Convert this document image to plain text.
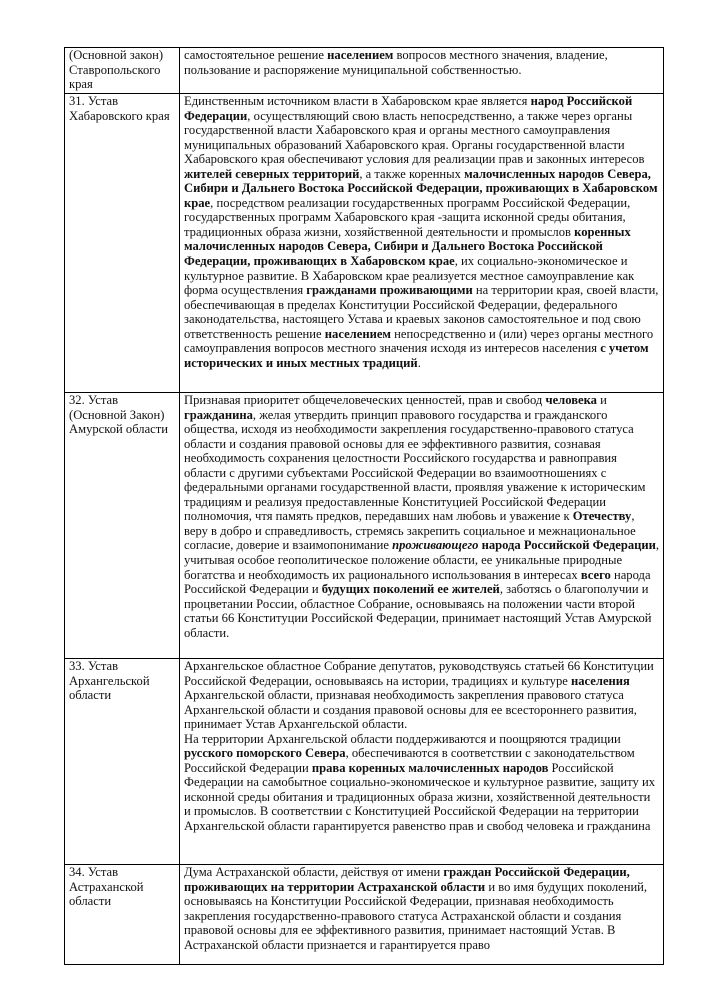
(Основной закон) Ставропольского края	самостоятельное решение населением вопросов местного значения, владение, пользование и распоряжение муниципальной собственностью.
31. Устав Хабаровского края	Единственным источником власти в Хабаровском крае является народ Российской Федерации, осуществляющий свою власть непосредственно, а также через органы государственной власти Хабаровского края и органы местного самоуправления муниципальных образований Хабаровского края. Органы государственной власти Хабаровского края обеспечивают условия для реализации прав и законных интересов жителей северных территорий, а также коренных малочисленных народов Севера, Сибири и Дальнего Востока Российской Федерации, проживающих в Хабаровском крае, посредством реализации государственных программ Российской Федерации, государственных программ Хабаровского края -защита исконной среды обитания, традиционных образа жизни, хозяйственной деятельности и промыслов коренных малочисленных народов Севера, Сибири и Дальнего Востока Российской Федерации, проживающих в Хабаровском крае, их социально-экономическое и культурное развитие. В Хабаровском крае реализуется местное самоуправление как форма осуществления гражданами проживающими на территории края, своей власти, обеспечивающая в пределах Конституции Российской Федерации, федерального законодательства, настоящего Устава и краевых законов самостоятельное и под свою ответственность решение населением непосредственно и (или) через органы местного самоуправления вопросов местного значения исходя из интересов населения с учетом исторических и иных местных традиций.
32. Устав (Основной Закон) Амурской области	Признавая приоритет общечеловеческих ценностей, прав и свобод человека и гражданина, желая утвердить принцип правового государства и гражданского общества, исходя из необходимости закрепления государственно-правового статуса области и создания правовой основы для ее эффективного развития, сознавая необходимость сохранения целостности Российского государства и равноправия области с другими субъектами Российской Федерации во взаимоотношениях с федеральными органами государственной власти, проявляя уважение к историческим традициям и реализуя предоставленные Конституцией Российской Федерации полномочия, чтя память предков, передавших нам любовь и уважение к Отечеству, веру в добро и справедливость, стремясь закрепить социальное и межнациональное согласие, доверие и взаимопонимание проживающего народа Российской Федерации, учитывая особое геополитическое положение области, ее уникальные природные богатства и необходимость их рационального использования в интересах всего народа Российской Федерации и будущих поколений ее жителей, заботясь о благополучии и процветании России, областное Собрание, основываясь на положении части второй статьи 66 Конституции Российской Федерации, принимает настоящий Устав Амурской области.
33. Устав Архангельской области	Архангельское областное Собрание депутатов, руководствуясь статьей 66 Конституции Российской Федерации, основываясь на истории, традициях и культуре населения Архангельской области, признавая необходимость закрепления правового статуса Архангельской области и создания правовой основы для ее всестороннего развития, принимает Устав Архангельской области.
На территории Архангельской области поддерживаются и поощряются традиции русского поморского Севера, обеспечиваются в соответствии с законодательством Российской Федерации права коренных малочисленных народов Российской Федерации на самобытное социально-экономическое и культурное развитие, защиту их исконной среды обитания и традиционных образа жизни, хозяйственной деятельности и промыслов. В соответствии с Конституцией Российской Федерации на территории Архангельской области гарантируется равенство прав и свобод человека и гражданина
34. Устав Астраханской области	Дума Астраханской области, действуя от имени граждан Российской Федерации, проживающих на территории Астраханской области и во имя будущих поколений, основываясь на Конституции Российской Федерации, признавая необходимость закрепления государственно-правового статуса Астраханской области и создания правовой основы для ее эффективного развития, принимает настоящий Устав. В Астраханской области признается и гарантируется право
